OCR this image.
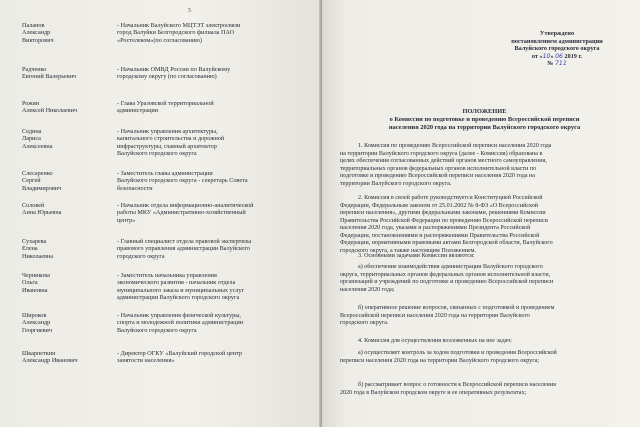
5
Паланов
Александр
Викторович
- Начальник Валуйского МЦТЭТ электросвязи
город Валуйки Белгородского филиала ПАО
«Ростелеком»(по согласованию)
Радченко
Евгений Валерьевич
- Начальник ОМВД России по Валуйскому
городскому округу (по согласованию)
Рожин
Алексей Николаевич
- Глава Уразовской территориальной
администрации
Седина
Лариса
Алексеевна
- Начальник управления архитектуры,
капитального строительства и дорожной
инфраструктуры, главный архитектор
Валуйского городского округа
Слесаренко
Сергей
Владимирович
- Заместитель главы администрации
Валуйского городского округа - секретарь Совета
безопасности
Соловей
Анна Юрьевна
- Начальник отдела информационно-аналитической
работы МКУ «Административно-хозяйственный
центр»
Сухарева
Елена
Николаевна
- Главный специалист отдела правовой экспертизы
правового управления администрации Валуйского
городского округа
Черникова
Ольга
Ивановна
- Заместитель начальника управления
экономического развития - начальник отдела
муниципального заказа и муниципальных услуг
администрации Валуйского городского округа
Широков
Александр
Георгиевич
- Начальник управления физической культуры,
спорта и молодежной политики администрации
Валуйского городского округа
Шкарпеткин
Александр Иванович
- Директор ОГКУ «Валуйский городской центр
занятости населения»
Утверждено
постановлением администрации
Валуйского городского округа
от «10» 06 2019 г.
№ 711
ПОЛОЖЕНИЕ
о Комиссии по подготовке и проведению Всероссийской переписи
населения 2020 года на территории Валуйского городского округа
1. Комиссия по проведению Всероссийской переписи населения 2020 года
на территории Валуйского городского округа (далее - Комиссия) образована в
целях обеспечения согласованных действий органов местного самоуправления,
территориальных органов федеральных органов исполнительной власти по
подготовке и проведению Всероссийской переписи населения 2020 года на
территории Валуйского городского округа.
2. Комиссия в своей работе руководствуется Конституцией Российской
Федерации, Федеральным законом от 25.01.2002 № 8-ФЗ «О Всероссийской
переписи населения», другими федеральными законами, решениями Комиссии
Правительства Российской Федерации по проведению Всероссийской переписи
населения 2020 года, указами и распоряжениями Президента Российской
Федерации, постановлениями и распоряжениями Правительства Российской
Федерации, нормативными правовыми актами Белгородской области, Валуйского
городского округа, а также настоящим Положением.
3. Основными задачами Комиссии являются:
а) обеспечение взаимодействия администрации Валуйского городского
округа, территориальных органов федеральных органов исполнительной власти,
организаций и учреждений по подготовке и проведению Всероссийской переписи
населения 2020 года;
б) оперативное решение вопросов, связанных с подготовкой и проведением
Всероссийской переписи населения 2020 года на территории Валуйского
городского округа.
4. Комиссия для осуществления возложенных на нее задач:
а) осуществляет контроль за ходом подготовки и проведения Всероссийской
переписи населения 2020 года на территории Валуйского городского округа;
б) рассматривает вопрос о готовности к Всероссийской переписи населения
2020 года в Валуйском городском округе и ее оперативных результатах;
